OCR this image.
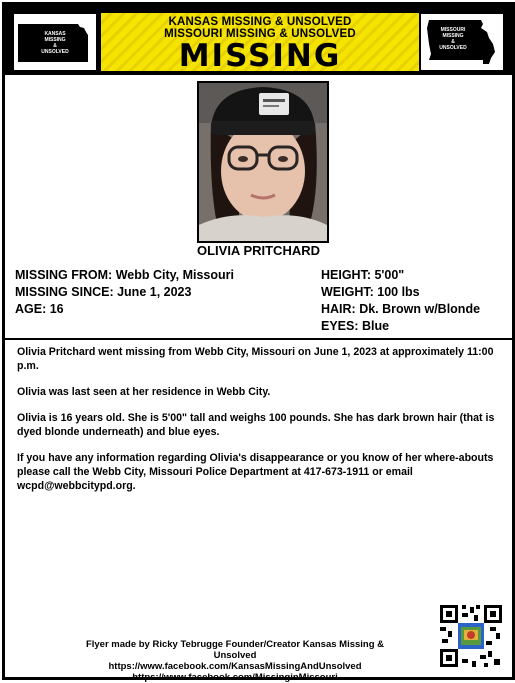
KANSAS
MISSING
&
UNSOLVED
KANSAS MISSING & UNSOLVED
MISSOURI MISSING & UNSOLVED
MISSING
MISSOURI
MISSING
&
UNSOLVED
OLIVIA PRITCHARD
MISSING FROM: Webb City, Missouri
MISSING SINCE: June 1, 2023
AGE: 16
HEIGHT: 5'00"
WEIGHT: 100 lbs
HAIR: Dk. Brown w/Blonde
EYES: Blue

Olivia Pritchard went missing from Webb City, Missouri on June 1, 2023 at approximately 11:00 p.m.

Olivia was last seen at her residence in Webb City.

Olivia is 16 years old. She is 5'00" tall and weighs 100 pounds. She has dark brown hair (that is dyed blonde underneath) and blue eyes.

If you have any information regarding Olivia's disappearance or you know of her where-abouts please call the Webb City, Missouri Police Department at 417-673-1911 or email wcpd@webbcitypd.org.

Flyer made by Ricky Tebrugge Founder/Creator Kansas Missing & Unsolved
https://www.facebook.com/KansasMissingAndUnsolved
https://www.facebook.com/MissinginMissouri
